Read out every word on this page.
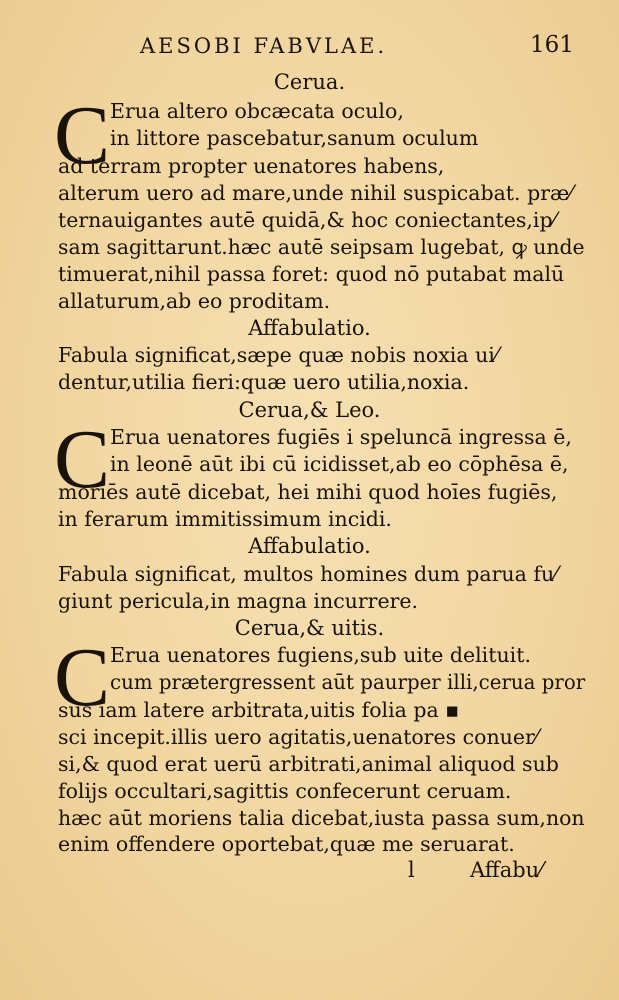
AESOBI FABVLAE.	161
Cerua.
C Erua altero obcæcata oculo,
in littore pascebatur,sanum oculum
ad terram propter uenatores habens,
alterum uero ad mare,unde nihil suspicabat. præ⁄
ternauigantes autē quidā,& hoc coniectantes,ip⁄
sam sagittarunt.hæc autē seipsam lugebat, ꝙ unde
timuerat,nihil passa foret: quod nō putabat malū
allaturum,ab eo proditam.
Affabulatio.
Fabula significat,sæpe quæ nobis noxia ui⁄
dentur,utilia fieri:quæ uero utilia,noxia.
Cerua,& Leo.
C Erua uenatores fugiēs i speluncā ingressa ē,
in leonē aūt ibi cū icidisset,ab eo cōphēsa ē,
moriēs autē dicebat, hei mihi quod hoīes fugiēs,
in ferarum immitissimum incidi.
Affabulatio.
Fabula significat, multos homines dum parua fu⁄
giunt pericula,in magna incurrere.
Cerua,& uitis.
C Erua uenatores fugiens,sub uite delituit.
cum prætergressent aūt paurper illi,cerua pror
sus iam latere arbitrata,uitis folia pa ▪
sci incepit.illis uero agitatis,uenatores conuer⁄
si,& quod erat uerū arbitrati,animal aliquod sub
folijs occultari,sagittis confecerunt ceruam.
hæc aūt moriens talia dicebat,iusta passa sum,non
enim offendere oportebat,quæ me seruarat.
l	Affabu⁄
